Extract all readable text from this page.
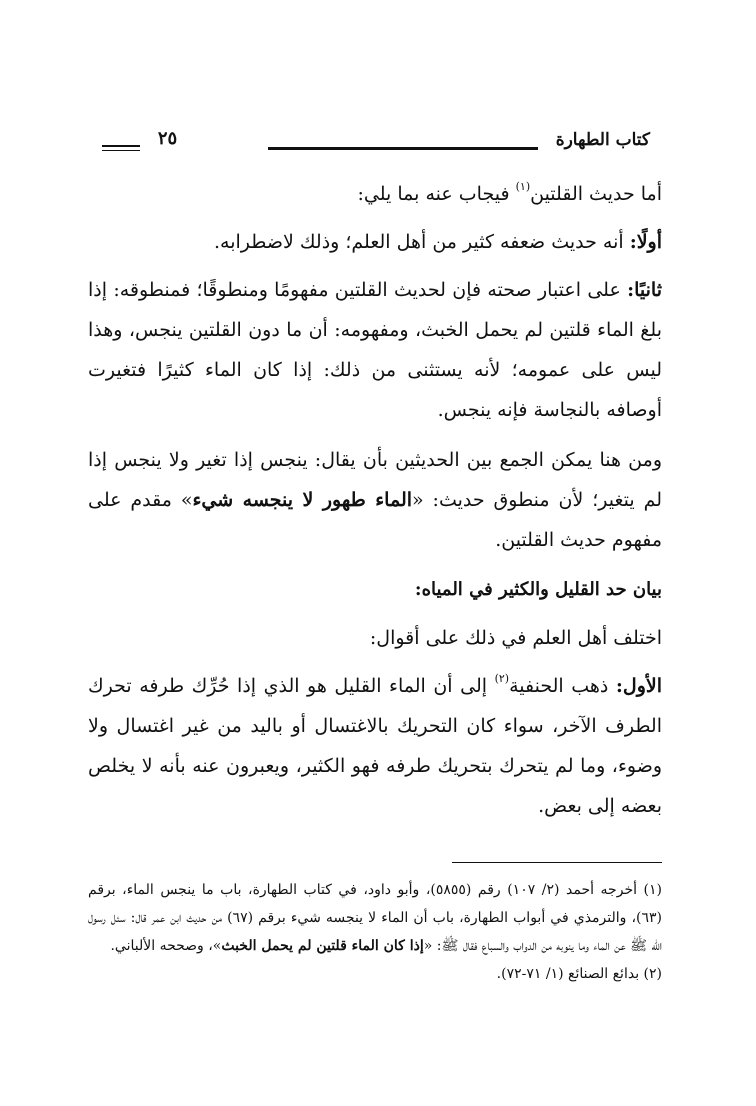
كتاب الطهارة
٢٥

أما حديث القلتين$^{(١)}$ فيجاب عنه بما يلي:

أولًا: أنه حديث ضعفه كثير من أهل العلم؛ وذلك لاضطرابه.

ثانيًا: على اعتبار صحته فإن لحديث القلتين مفهومًا ومنطوقًا؛ فمنطوقه: إذا بلغ الماء قلتين لم يحمل الخبث، ومفهومه: أن ما دون القلتين ينجس، وهذا ليس على عمومه؛ لأنه يستثنى من ذلك: إذا كان الماء كثيرًا فتغيرت أوصافه بالنجاسة فإنه ينجس.

ومن هنا يمكن الجمع بين الحديثين بأن يقال: ينجس إذا تغير ولا ينجس إذا لم يتغير؛ لأن منطوق حديث: «الماء طهور لا ينجسه شيء» مقدم على مفهوم حديث القلتين.

بيان حد القليل والكثير في المياه:

اختلف أهل العلم في ذلك على أقوال:

الأول: ذهب الحنفية$^{(٢)}$ إلى أن الماء القليل هو الذي إذا حُرِّك طرفه تحرك الطرف الآخر، سواء كان التحريك بالاغتسال أو باليد من غير اغتسال ولا وضوء، وما لم يتحرك بتحريك طرفه فهو الكثير، ويعبرون عنه بأنه لا يخلص بعضه إلى بعض.

(١) أخرجه أحمد (٢/ ١٠٧) رقم (٥٨٥٥)، وأبو داود، في كتاب الطهارة، باب ما ينجس الماء، برقم (٦٣)، والترمذي في أبواب الطهارة، باب أن الماء لا ينجسه شيء برقم (٦٧) من حديث ابن عمر قال: سئل رسول الله ﷺ عن الماء وما ينوبه من الدواب والسباع فقال ﷺ: «إذا كان الماء قلتين لم يحمل الخبث»، وصححه الألباني.

(٢) بدائع الصنائع (١/ ٧١-٧٢).
